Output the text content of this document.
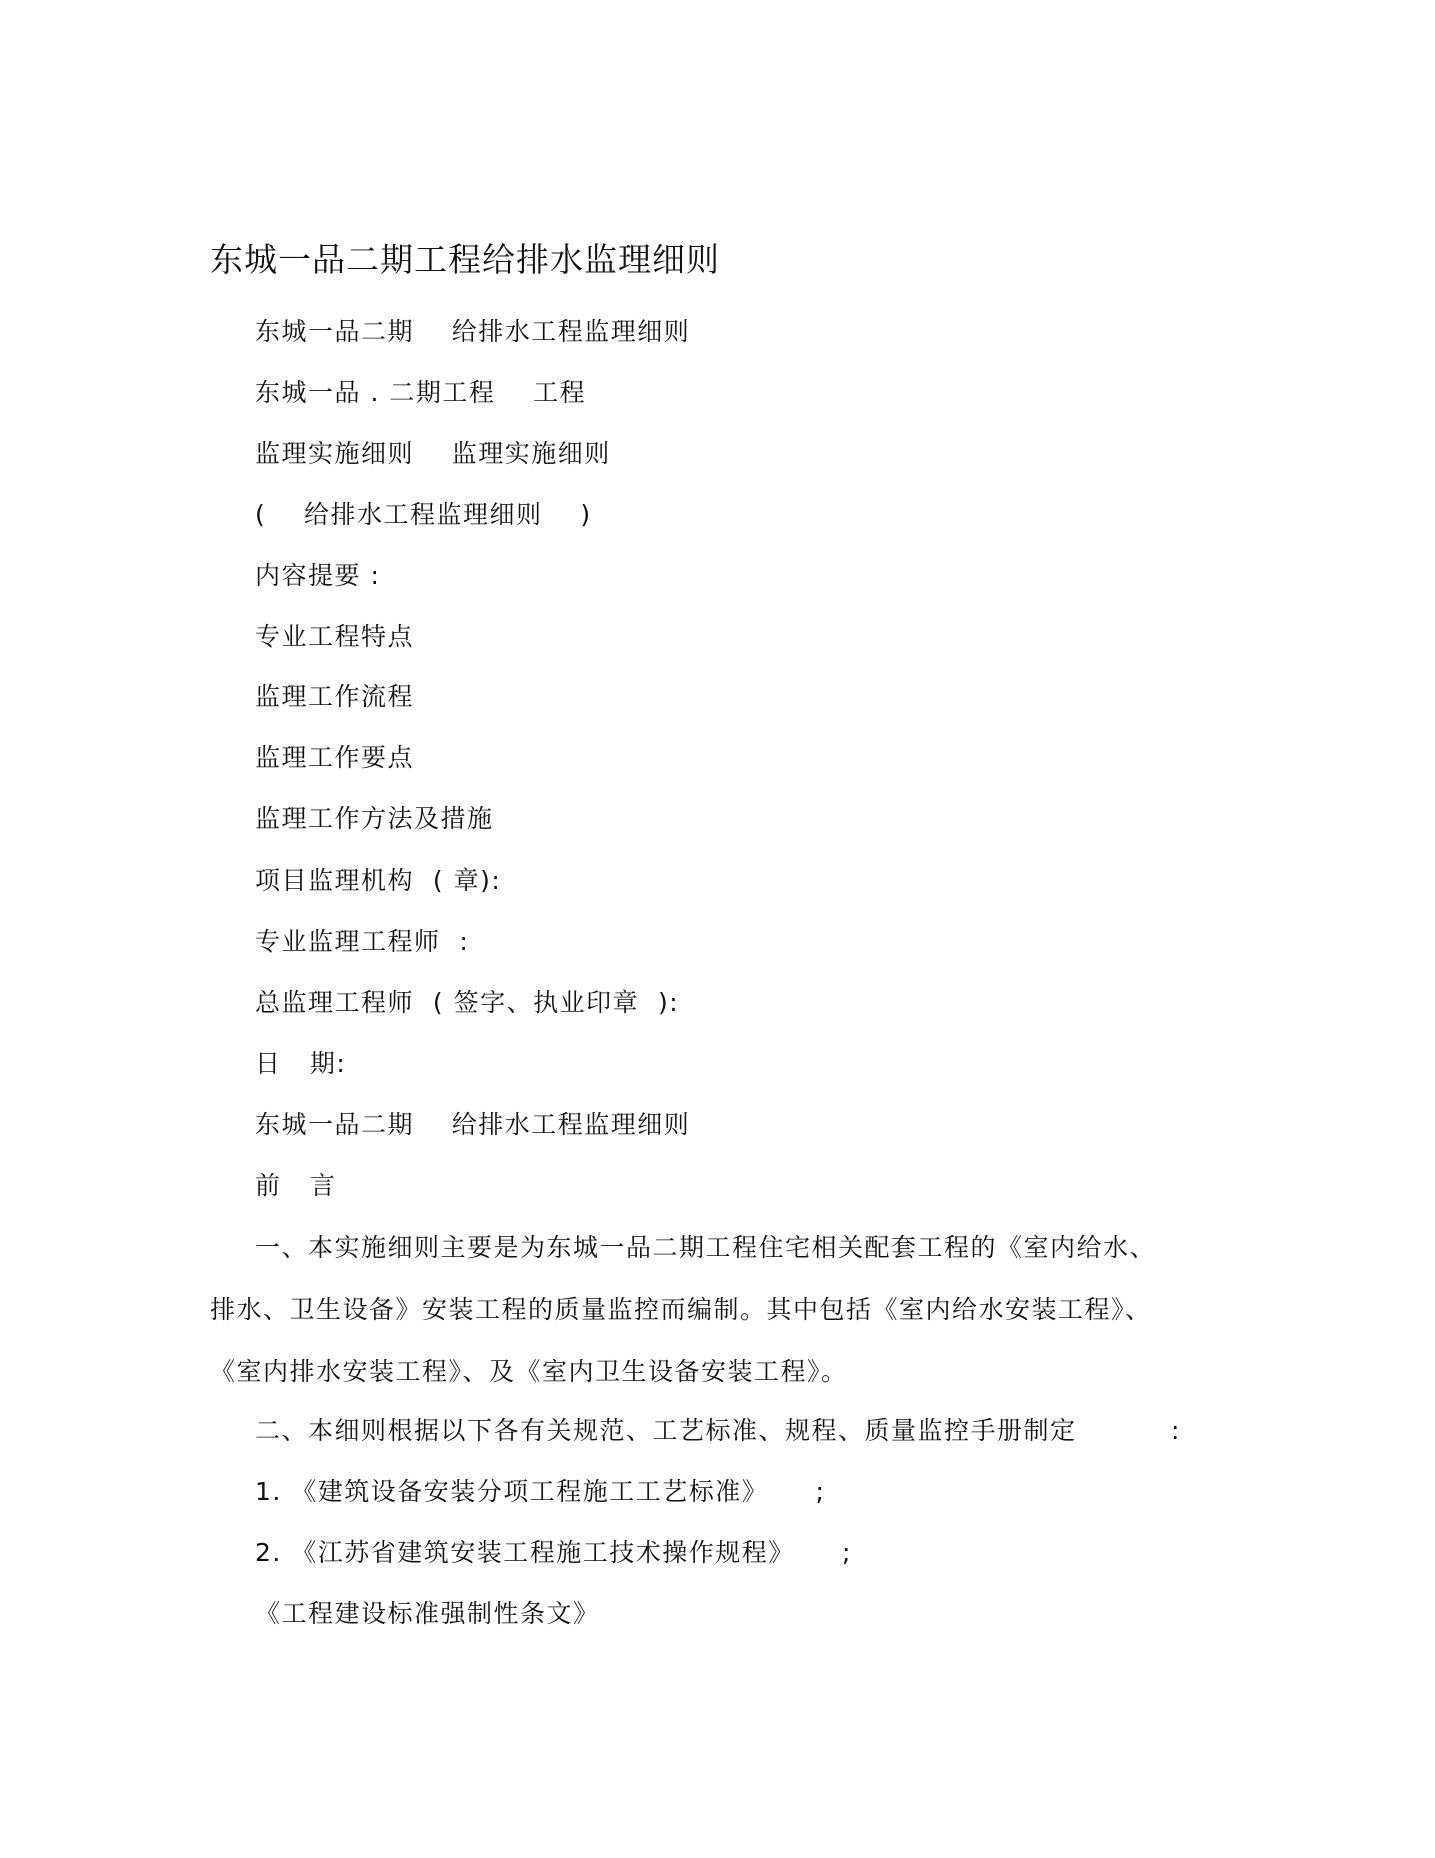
东城一品二期工程给排水监理细则
东城一品二期    给排水工程监理细则
东城一品 . 二期工程    工程
监理实施细则    监理实施细则
(    给排水工程监理细则    )
内容提要 :
专业工程特点
监理工作流程
监理工作要点
监理工作方法及措施
项目监理机构  ( 章):
专业监理工程师  :
总监理工程师  ( 签字、执业印章  ):
日   期:
东城一品二期    给排水工程监理细则
前   言
一、本实施细则主要是为东城一品二期工程住宅相关配套工程的《室内给水、排水、卫生设备》安装工程的质量监控而编制。其中包括《室内给水安装工程》、《室内排水安装工程》、及《室内卫生设备安装工程》。
二、本细则根据以下各有关规范、工艺标准、规程、质量监控手册制定          :
1. 《建筑设备安装分项工程施工工艺标准》     ;
2. 《江苏省建筑安装工程施工技术操作规程》     ;
《工程建设标准强制性条文》
